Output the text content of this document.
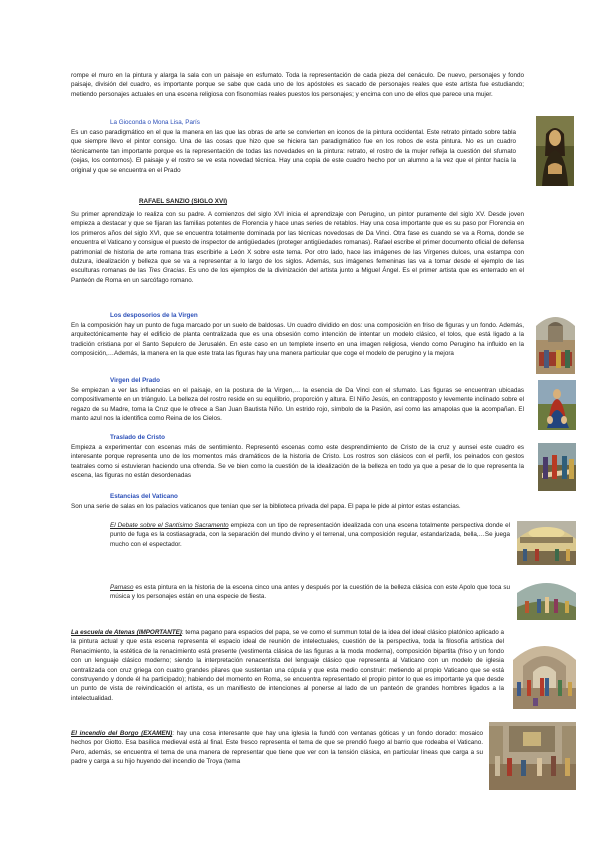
rompe el muro en la pintura y alarga la sala con un paisaje en esfumato. Toda la representación de cada pieza del cenáculo. De nuevo, personajes y fondo paisaje, división del cuadro, es importante porque se sabe que cada uno de los apóstoles es sacado de personajes reales que este artista fue estudiando; metiendo personajes actuales en una escena religiosa con fisonomías reales puestos los personajes; y encima con uno de ellos que parece una mujer.

La Gioconda o Mona Lisa, París

Es un caso paradigmático en el que la manera en las que las obras de arte se convierten en iconos de la pintura occidental. Este retrato pintado sobre tabla que siempre llevo el pintor consigo. Una de las cosas que hizo que se hiciera tan paradigmático fue en los robos de esta pintura. No es un cuadro técnicamente tan importante porque es la representación de todas las novedades en la pintura: retrato, el rostro de la mujer refleja la cuestión del sfumato (cejas, los contornos). El paisaje y el rostro se ve esta novedad técnica. Hay una copia de este cuadro hecho por un alumno a la vez que el pintor hacía la original y que se encuentra en el Prado

RAFAEL SANZIO (SIGLO XVI)

Su primer aprendizaje lo realiza con su padre. A comienzos del siglo XVI inicia el aprendizaje con Perugino, un pintor puramente del siglo XV. Desde joven empieza a destacar y que se fijaran las familias potentes de Florencia y hace unas series de retablos. Hay una cosa importante que es su paso por Florencia en los primeros años del siglo XVI, que se encuentra totalmente dominada por las técnicas novedosas de Da Vinci. Otra fase es cuando se va a Roma, donde se encuentra el Vaticano y consigue el puesto de inspector de antigüedades (proteger antigüedades romanas). Rafael escribe el primer documento oficial de defensa patrimonial de historia de arte romana tras escribirle a León X sobre este tema. Por otro lado, hace las imágenes de las Vírgenes dulces, una estampa con dulzura, idealización y belleza que se va a representar a lo largo de los siglos. Además, sus imágenes femeninas las va a tomar desde el ejemplo de las esculturas romanas de las Tres Gracias. Es uno de los ejemplos de la divinización del artista junto a Miguel Ángel. Es el primer artista que es enterrado en el Panteón de Roma en un sarcófago romano.

Los desposorios de la Virgen

En la composición hay un punto de fuga marcado por un suelo de baldosas. Un cuadro dividido en dos: una composición en friso de figuras y un fondo. Además, arquitectónicamente hay el edificio de planta centralizada que es una obsesión como intención de intentar un modelo clásico, el tolos, que está ligado a la tradición cristiana por el Santo Sepulcro de Jerusalén. En este caso en un templete inserto en una imagen religiosa, viendo como Perugino ha influido en la composición,…Además, la manera en la que este trata las figuras hay una manera particular que coge el modelo de perugino y la mejora

Virgen del Prado

Se empiezan a ver las influencias en el paisaje, en la postura de la Virgen,… la esencia de Da Vinci con el sfumato. Las figuras se encuentran ubicadas compositivamente en un triángulo. La belleza del rostro reside en su equilibrio, proporción y altura. El Niño Jesús, en contrapposto y levemente inclinado sobre el regazo de su Madre, toma la Cruz que le ofrece a San Juan Bautista Niño. Un estrido rojo, símbolo de la Pasión, así como las amapolas que la acompañan. El manto azul nos la identifica como Reina de los Cielos.

Traslado de Cristo

Empieza a experimentar con escenas más de sentimiento. Representó escenas como este desprendimiento de Cristo de la cruz y aunsei este cuadro es interesante porque representa uno de los momentos más dramáticos de la historia de Cristo. Los rostros son clásicos con el perfil, los peinados con gestos teatrales como si estuvieran haciendo una ofrenda. Se ve bien como la cuestión de la idealización de la belleza en todo ya que a pesar de lo que representa la escena, las figuras no están desordenadas

Estancias del Vaticano

Son una serie de salas en los palacios vaticanos que tenían que ser la biblioteca privada del papa. El papa le pide al pintor estas estancias.

El Debate sobre el Santísimo Sacramento empieza con un tipo de representación idealizada con una escena totalmente perspectiva donde el punto de fuga es la costiasagrada, con la separación del mundo divino y el terrenal, una composición regular, estandarizada, bella,…Se juega mucho con el espectador.

Parnaso es esta pintura en la historia de la escena cinco una antes y después por la cuestión de la belleza clásica con este Apolo que toca su música y los personajes están en una especie de fiesta.

La escuela de Atenas (IMPORTANTE): tema pagano para espacios del papa, se ve como el summun total de la idea del ideal clásico platónico aplicado a la pintura actual y que esta escena representa el espacio ideal de reunión de intelectuales, cuestión de la perspectiva, toda la filosofía artística del Renacimiento, la estética de la renacimiento está presente (vestimenta clásica de las figuras a la moda moderna), composición bipartita (friso y un fondo con un lenguaje clásico moderno; siendo la interpretación renacentista del lenguaje clásico que representa al Vaticano con un modelo de iglesia centralizada con cruz griega con cuatro grandes pilares que sustentan una cúpula y que esta medio construir: metiendo al propio Vaticano que se está construyendo y donde él ha participado); habiendo del momento en Roma, se encuentra representado el propio pintor lo que es importante ya que desde un punto de vista de reivindicación el artista, es un manifiesto de intenciones al ponerse al lado de un panteón de grandes hombres ligados a la intelectualidad.

El incendio del Borgo (EXAMEN): hay una cosa interesante que hay una iglesia la fundó con ventanas góticas y un fondo dorado: mosaico hechos por Giotto. Esa basílica medieval está al final. Este fresco representa el tema de que se prendió fuego al barrio que rodeaba el Vaticano. Pero, además, se encuentra el tema de una manera de representar que tiene que ver con la tensión clásica, en particular líneas que carga a su padre y carga a su hijo huyendo del incendio de Troya (tema
